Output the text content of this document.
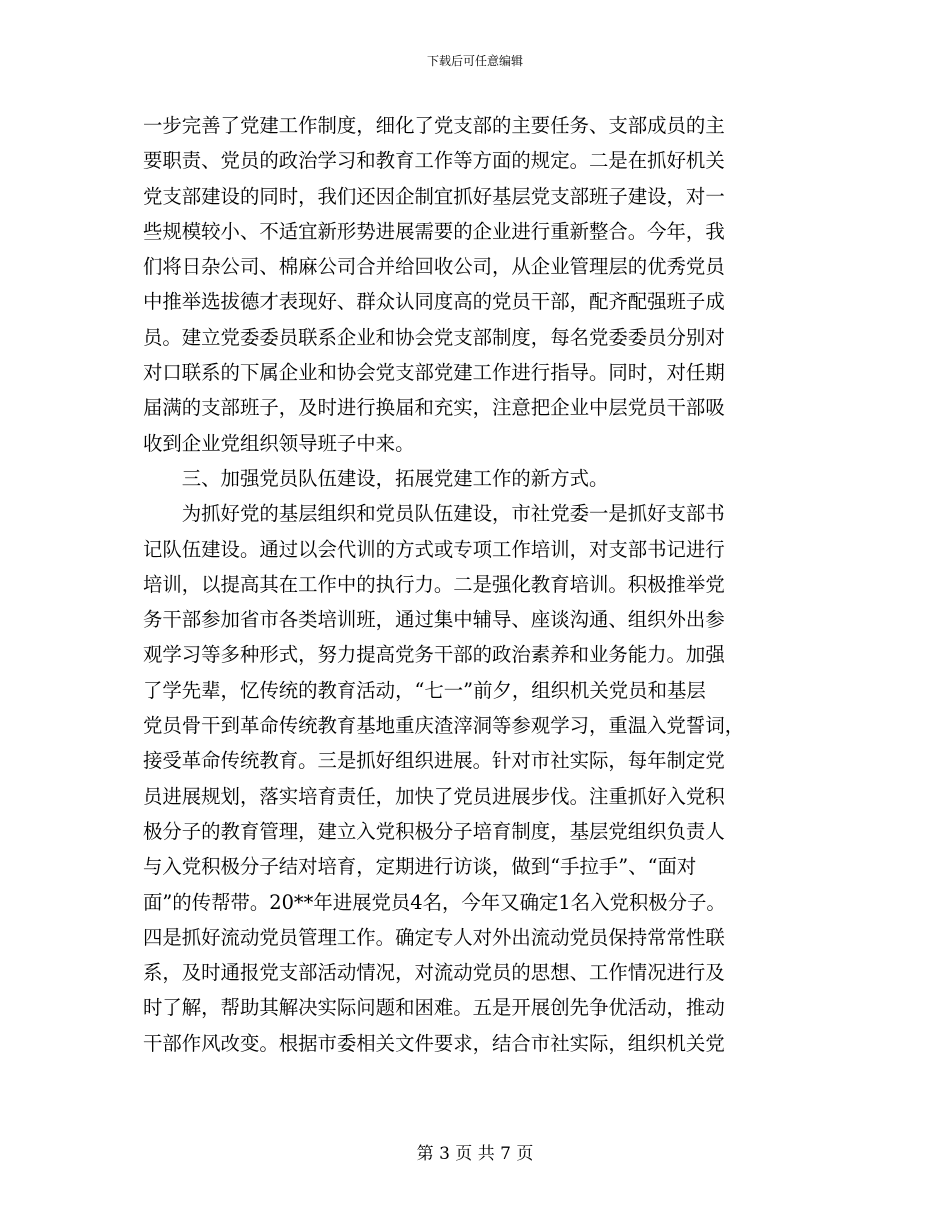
下载后可任意编辑
一步完善了党建工作制度，细化了党支部的主要任务、支部成员的主
要职责、党员的政治学习和教育工作等方面的规定。二是在抓好机关
党支部建设的同时，我们还因企制宜抓好基层党支部班子建设，对一
些规模较小、不适宜新形势进展需要的企业进行重新整合。今年，我
们将日杂公司、棉麻公司合并给回收公司，从企业管理层的优秀党员
中推举选拔德才表现好、群众认同度高的党员干部，配齐配强班子成
员。建立党委委员联系企业和协会党支部制度，每名党委委员分别对
对口联系的下属企业和协会党支部党建工作进行指导。同时，对任期
届满的支部班子，及时进行换届和充实，注意把企业中层党员干部吸
收到企业党组织领导班子中来。
　　三、加强党员队伍建设，拓展党建工作的新方式。
　　为抓好党的基层组织和党员队伍建设，市社党委一是抓好支部书
记队伍建设。通过以会代训的方式或专项工作培训，对支部书记进行
培训，以提高其在工作中的执行力。二是强化教育培训。积极推举党
务干部参加省市各类培训班，通过集中辅导、座谈沟通、组织外出参
观学习等多种形式，努力提高党务干部的政治素养和业务能力。加强
了学先辈，忆传统的教育活动，“七一”前夕，组织机关党员和基层
党员骨干到革命传统教育基地重庆渣滓洞等参观学习，重温入党誓词，
接受革命传统教育。三是抓好组织进展。针对市社实际，每年制定党
员进展规划，落实培育责任，加快了党员进展步伐。注重抓好入党积
极分子的教育管理，建立入党积极分子培育制度，基层党组织负责人
与入党积极分子结对培育，定期进行访谈，做到“手拉手”、“面对
面”的传帮带。20**年进展党员4名，今年又确定1名入党积极分子。
四是抓好流动党员管理工作。确定专人对外出流动党员保持常常性联
系，及时通报党支部活动情况，对流动党员的思想、工作情况进行及
时了解，帮助其解决实际问题和困难。五是开展创先争优活动，推动
干部作风改变。根据市委相关文件要求，结合市社实际，组织机关党
第 3 页 共 7 页
